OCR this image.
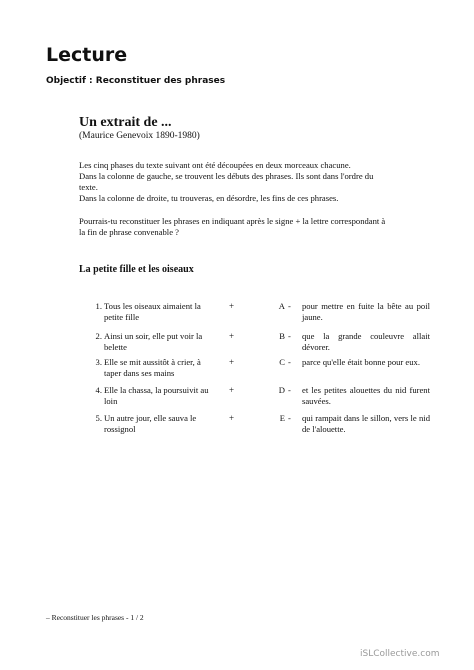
Lecture
Objectif : Reconstituer des phrases
Un extrait de ...
(Maurice Genevoix 1890-1980)
Les cinq phases du texte suivant ont été découpées en deux morceaux chacune.
Dans la colonne de gauche, se trouvent les débuts des phrases. Ils sont dans l'ordre du
texte.
Dans la colonne de droite, tu trouveras, en désordre, les fins de ces phrases.
Pourrais-tu reconstituer les phrases en indiquant après le signe + la lettre correspondant à
la fin de phrase convenable ?
La petite fille et les oiseaux
1. Tous les oiseaux aimaient la petite fille
+
2. Ainsi un soir, elle put voir la belette
+
3. Elle se mit aussitôt à crier, à taper dans ses mains
+
4. Elle la chassa, la poursuivit au loin
+
5. Un autre jour, elle sauva le rossignol
+
A - pour mettre en fuite la bête au poil jaune.
B - que la grande couleuvre allait dévorer.
C - parce qu'elle était bonne pour eux.
D - et les petites alouettes du nid furent sauvées.
E - qui rampait dans le sillon, vers le nid de l'alouette.
– Reconstituer les phrases - 1 / 2
iSLCollective.com
